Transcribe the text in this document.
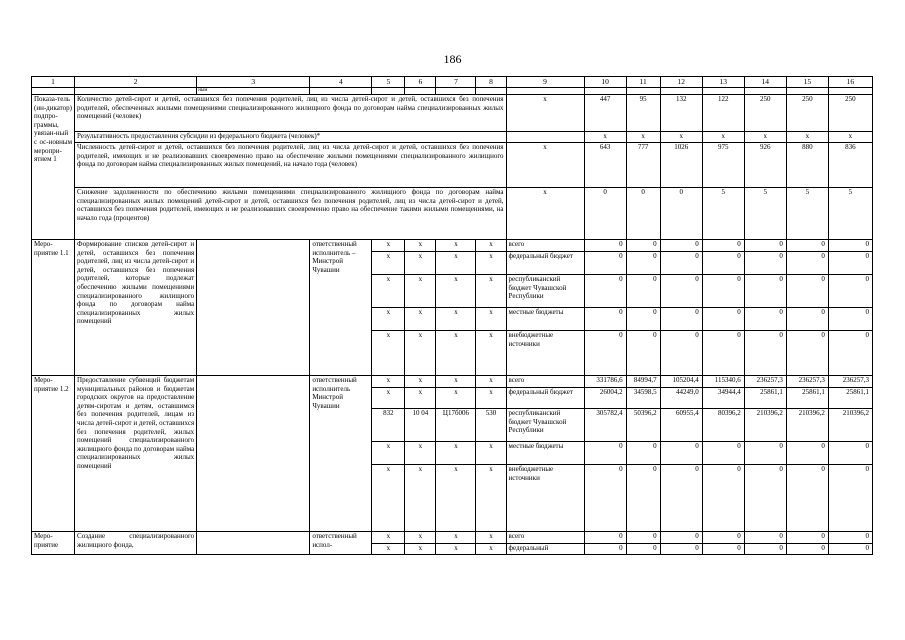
186
1	2	3	4	5	6	7	8	9	10	11	12	13	14	15	16
		ным													
Показа-тель (ин-дикатор) подпро-граммы, увязан-ный с ос-новным меропри-ятием 1	Количество детей-сирот и детей, оставшихся без попечения родителей, лиц из числа детей-сирот и детей, оставшихся без попечения родителей, обеспеченных жилыми помещениями специализированного жилищного фонда по договорам найма специализированных жилых помещений (человек)							x	447	95	132	122	250	250	250
	Результативность предоставления субсидии из федерального бюджета (человек)*								x	x	x	x	x	x	x
	Численность детей-сирот и детей, оставшихся без попечения родителей, лиц из числа детей-сирот и детей, оставшихся без попечения родителей, имеющих и не реализовавших своевременно право на обеспечение жилыми помещениями специализированного жилищного фонда по договорам найма специализированных жилых помещений, на начало года (человек)							x	643	777	1026	975	926	880	836
	Снижение задолженности по обеспечению жилыми помещениями специализированного жилищного фонда по договорам найма специализированных жилых помещений детей-сирот и детей, оставшихся без попечения родителей, лиц из числа детей-сирот и детей, оставшихся без попечения родителей, имеющих и не реализовавших своевременно право на обеспечение такими жилыми помещениями, на начало года (процентов)							x	0	0	0	5	5	5	5
Меро-приятие 1.1	Формирование списков детей-сирот и детей, оставшихся без попечения родителей, лиц из числа детей-сирот и детей, оставшихся без попечения родителей, которые подлежат обеспечению жилыми помещениями специализированного жилищного фонда по договорам найма специализированных жилых помещений		ответственный исполнитель – Минстрой Чувашии	x	x	x	x	всего	0	0	0	0	0	0	0
				x	x	x	x	федеральный бюджет	0	0	0	0	0	0	0
				x	x	x	x	республиканский бюджет Чувашской Республики	0	0	0	0	0	0	0
				x	x	x	x	местные бюджеты	0	0	0	0	0	0	0
				x	x	x	x	внебюджетные источники	0	0	0	0	0	0	0
Меро-приятие 1.2	Предоставление субвенций бюджетам муниципальных районов и бюджетам городских округов на предоставление детям-сиротам и детям, оставшимся без попечения родителей, лицам из числа детей-сирот и детей, оставшихся без попечения родителей, жилых помещений специализированного жилищного фонда по договорам найма специализированных жилых помещений		ответственный исполнитель Минстрой Чувашии	x	x	x	x	всего	331786,6	84994,7	105204,4	115340,6	236257,3	236257,3	236257,3
				x	x	x	x	федеральный бюджет	26004,2	34598,5	44249,0	34944,4	25861,1	25861,1	25861,1
				832	10 04	Ц17б006	530	республиканский бюджет Чувашской Республики	305782,4	50396,2	60955,4	80396,2	210396,2	210396,2	210396,2
				x	x	x	x	местные бюджеты	0	0	0	0	0	0	0
				x	x	x	x	внебюджетные источники	0	0	0	0	0	0	0
Меро-приятие	Создание специализированного жилищного фонда,		ответственный испол-	x	x	x	x	всего	0	0	0	0	0	0	0
				x	x	x	x	федеральный	0	0	0	0	0	0	0
